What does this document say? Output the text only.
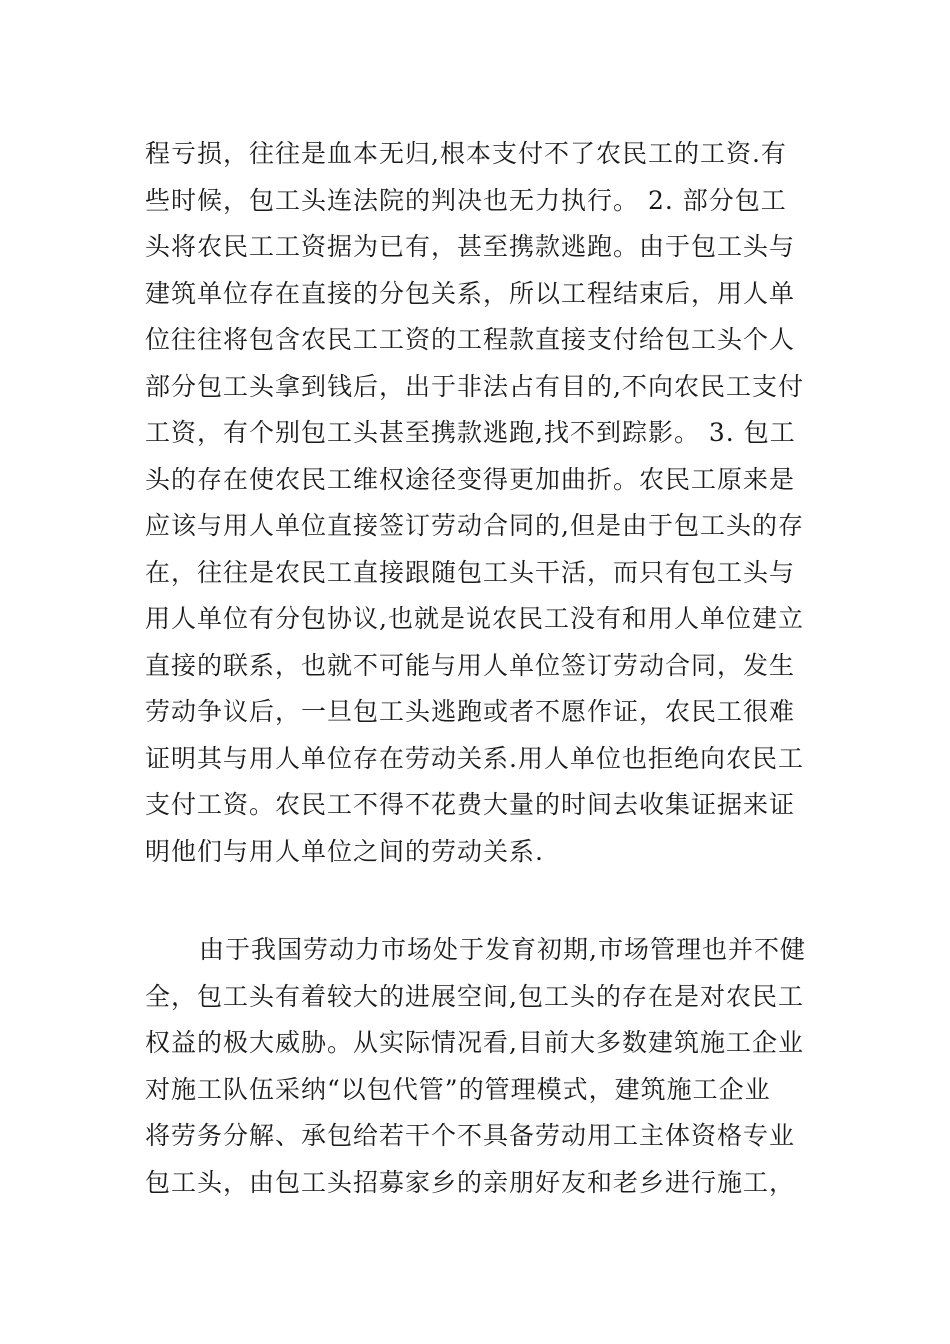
程亏损，往往是血本无归,根本支付不了农民工的工资.有
些时候，包工头连法院的判决也无力执行。 2. 部分包工
头将农民工工资据为已有，甚至携款逃跑。由于包工头与
建筑单位存在直接的分包关系，所以工程结束后，用人单
位往往将包含农民工工资的工程款直接支付给包工头个人
部分包工头拿到钱后，出于非法占有目的,不向农民工支付
工资，有个别包工头甚至携款逃跑,找不到踪影。 3. 包工
头的存在使农民工维权途径变得更加曲折。农民工原来是
应该与用人单位直接签订劳动合同的,但是由于包工头的存
在，往往是农民工直接跟随包工头干活，而只有包工头与
用人单位有分包协议,也就是说农民工没有和用人单位建立
直接的联系，也就不可能与用人单位签订劳动合同，发生
劳动争议后，一旦包工头逃跑或者不愿作证，农民工很难
证明其与用人单位存在劳动关系.用人单位也拒绝向农民工
支付工资。农民工不得不花费大量的时间去收集证据来证
明他们与用人单位之间的劳动关系.
由于我国劳动力市场处于发育初期,市场管理也并不健
全，包工头有着较大的进展空间,包工头的存在是对农民工
权益的极大威胁。从实际情况看,目前大多数建筑施工企业
对施工队伍采纳“以包代管”的管理模式，建筑施工企业
将劳务分解、承包给若干个不具备劳动用工主体资格专业
包工头，由包工头招募家乡的亲朋好友和老乡进行施工，
